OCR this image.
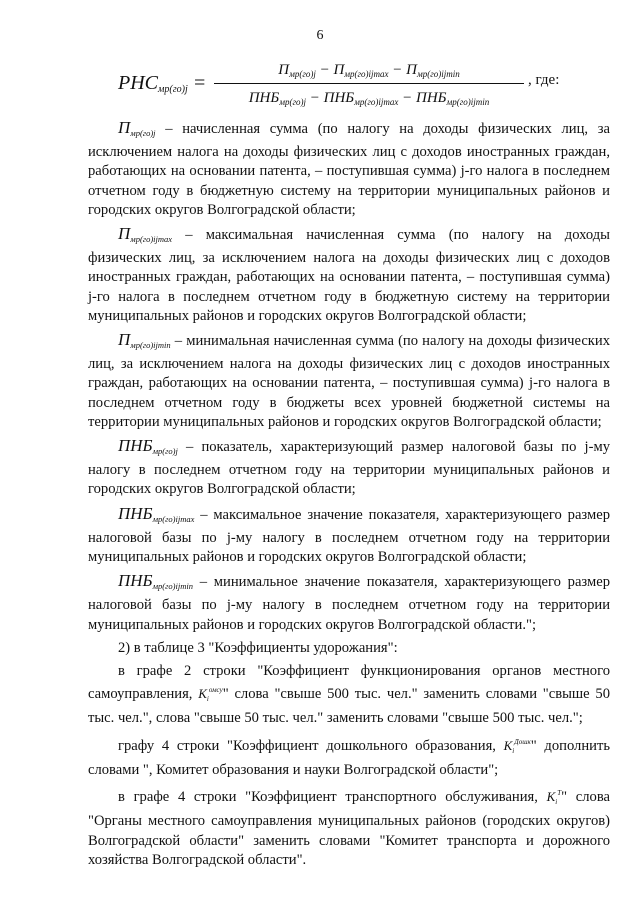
6
$РНС_{мр(го)j}$ =
$П_{мр(го)j} - П_{мр(го)ijmax} - П_{мр(го)ijmin}$
$ПНБ_{мр(го)j} - ПНБ_{мр(го)ijmax} - ПНБ_{мр(го)ijmin}$
, где:

$П_{мр(го)j}$ – начисленная сумма (по налогу на доходы физических лиц, за исключением налога на доходы физических лиц с доходов иностранных граждан, работающих на основании патента, – поступившая сумма) j-го налога в последнем отчетном году в бюджетную систему на территории муниципальных районов и городских округов Волгоградской области;

$П_{мр(го)ijmax}$ – максимальная начисленная сумма (по налогу на доходы физических лиц, за исключением налога на доходы физических лиц с доходов иностранных граждан, работающих на основании патента, – поступившая сумма) j-го налога в последнем отчетном году в бюджетную систему на территории муниципальных районов и городских округов Волгоградской области;

$П_{мр(го)ijmin}$ – минимальная начисленная сумма (по налогу на доходы физических лиц, за исключением налога на доходы физических лиц с доходов иностранных граждан, работающих на основании патента, – поступившая сумма) j-го налога в последнем отчетном году в бюджеты всех уровней бюджетной системы на территории муниципальных районов и городских округов Волгоградской области;

$ПНБ_{мр(го)j}$ – показатель, характеризующий размер налоговой базы по j-му налогу в последнем отчетном году на территории муниципальных районов и городских округов Волгоградской области;

$ПНБ_{мр(го)ijmax}$ – максимальное значение показателя, характеризующего размер налоговой базы по j-му налогу в последнем отчетном году на территории муниципальных районов и городских округов Волгоградской области;

$ПНБ_{мр(го)ijmin}$ – минимальное значение показателя, характеризующего размер налоговой базы по j-му налогу в последнем отчетном году на территории муниципальных районов и городских округов Волгоградской области.";

2) в таблице 3 "Коэффициенты удорожания":

в графе 2 строки "Коэффициент функционирования органов местного самоуправления, $K_i^{омсу}$" слова "свыше 500 тыс. чел." заменить словами "свыше 50 тыс. чел.", слова "свыше 50 тыс. чел." заменить словами "свыше 500 тыс. чел.";

графу 4 строки "Коэффициент дошкольного образования, $K_i^{Дошк}$" дополнить словами ", Комитет образования и науки Волгоградской области";

в графе 4 строки "Коэффициент транспортного обслуживания, $K_i^T$" слова "Органы местного самоуправления муниципальных районов (городских округов) Волгоградской области" заменить словами "Комитет транспорта и дорожного хозяйства Волгоградской области".
